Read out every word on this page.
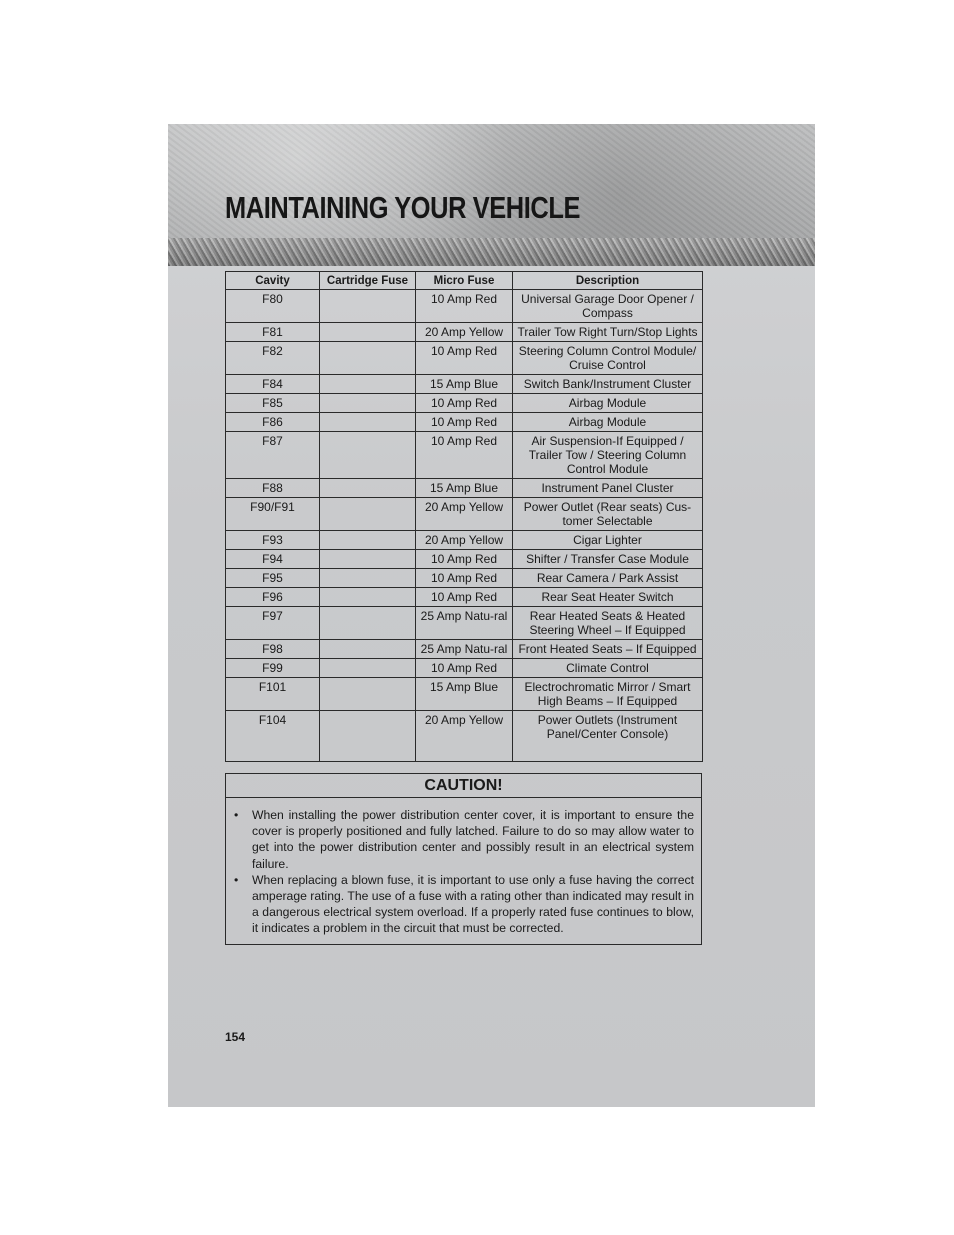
MAINTAINING YOUR VEHICLE
Cavity	Cartridge Fuse	Micro Fuse	Description
F80		10 Amp Red	Universal Garage Door Opener / Compass
F81		20 Amp Yellow	Trailer Tow Right Turn/Stop Lights
F82		10 Amp Red	Steering Column Control Module/ Cruise Control
F84		15 Amp Blue	Switch Bank/Instrument Cluster
F85		10 Amp Red	Airbag Module
F86		10 Amp Red	Airbag Module
F87		10 Amp Red	Air Suspension-If Equipped / Trailer Tow / Steering Column Control Module
F88		15 Amp Blue	Instrument Panel Cluster
F90/F91		20 Amp Yellow	Power Outlet (Rear seats) Cus-tomer Selectable
F93		20 Amp Yellow	Cigar Lighter
F94		10 Amp Red	Shifter / Transfer Case Module
F95		10 Amp Red	Rear Camera / Park Assist
F96		10 Amp Red	Rear Seat Heater Switch
F97		25 Amp Natu-ral	Rear Heated Seats & Heated Steering Wheel – If Equipped
F98		25 Amp Natu-ral	Front Heated Seats – If Equipped
F99		10 Amp Red	Climate Control
F101		15 Amp Blue	Electrochromatic Mirror / Smart High Beams – If Equipped
F104		20 Amp Yellow	Power Outlets (Instrument Panel/Center Console)
CAUTION!
• When installing the power distribution center cover, it is important to ensure the cover is properly positioned and fully latched. Failure to do so may allow water to get into the power distribution center and possibly result in an electrical system failure.
• When replacing a blown fuse, it is important to use only a fuse having the correct amperage rating. The use of a fuse with a rating other than indicated may result in a dangerous electrical system overload. If a properly rated fuse continues to blow, it indicates a problem in the circuit that must be corrected.
154
